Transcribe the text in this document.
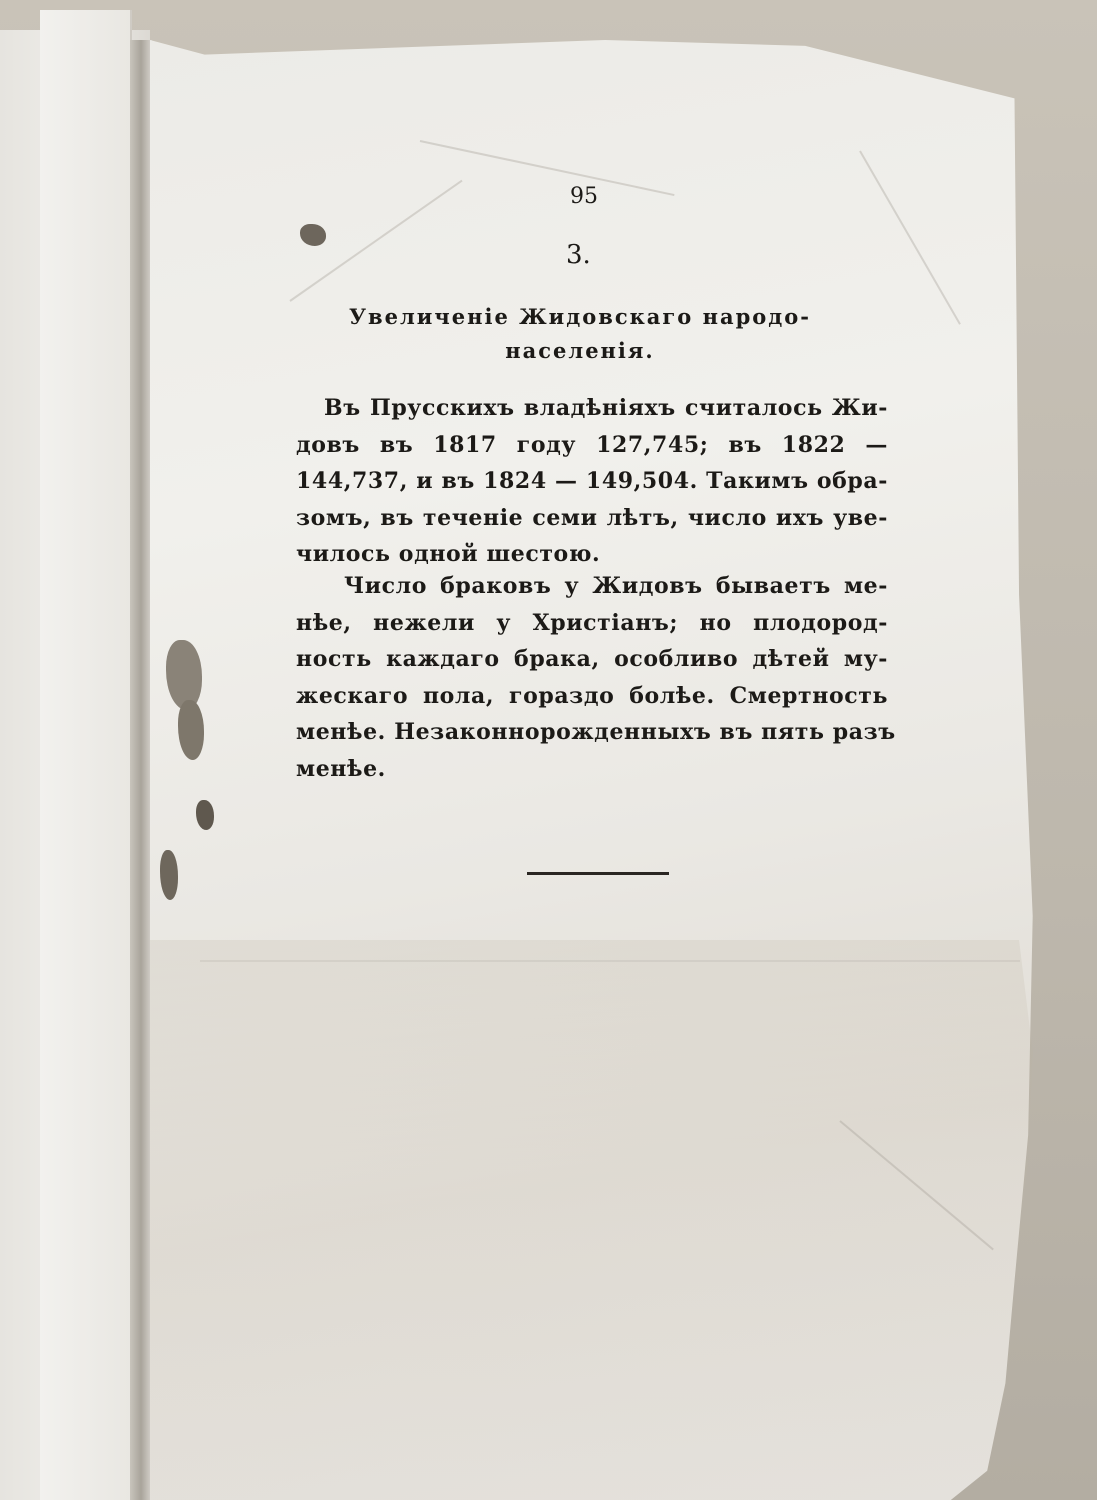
95
3.
Увеличенiе Жидовскаго народо-
населенiя.
Въ Прусскихъ владѣнiяхъ считалось Жи-
довъ въ 1817 году 127,745; въ 1822 —
144,737, и въ 1824 — 149,504. Такимъ обра-
зомъ, въ теченiе семи лѣтъ, число ихъ уве-
чилось одной шестою.
Число браковъ у Жидовъ бываетъ ме-
нѣе, нежели у Христiанъ; но плодород-
ность каждаго брака, особливо дѣтей му-
жескаго пола, гораздо болѣе. Смертность
менѣе. Незаконнорожденныхъ въ пять разъ
менѣе.
